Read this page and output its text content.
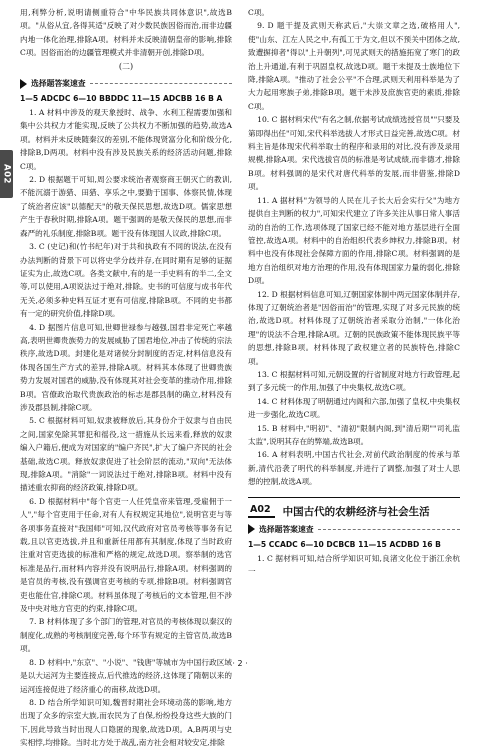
A02

用,利弊分析,说明请侧重符合"中华民族共同体意识",故选B项。"从俗从宜,各得其适"反映了对少数民族因俗而治,而非边疆内地一体化治理,排除A项。材料并未反映清朝皇帝的影响,排除C项。因俗而治的边疆管理模式并非清朝开创,排除D项。

(二)

选择题答案速查
1—5 ADCDC 6—10 BBDDC 11—15 ADCBB 16 B A

1. A 材料中涉及的观天象授时、战争、水利工程需要加强和集中公共权力才能实现,反映了公共权力不断加强的趋势,故选A项。材料并未反映随秦汉的差别,不能体现贤富分化和阶级分化,排除B,D两项。材料中没有涉及民族关系的经济活动问题,排除C项。

2. D 根据题干可知,周公要求统治者观察商王朝灭亡的教训,不能沉溺于游猎、田猎、享乐之中,要勤于国事、体察民情,体现了统治者应该"以德配天"的敬天保民思想,故选D项。儒家思想产生于春秋时期,排除A项。题干强调的是敬天保民的思想,而非森严的礼乐制度,排除B项。题干没有体现国人议政,排除C项。

3. C (史记)和(竹书纪年)对于共和执政有不同的说法,在没有办法判断的背景下可以将史学分歧并存,在同时期有足够的证据证实为止,故选C项。各类文献中,有的是一手史料有的半二,全文等,可以使用,A项说法过于绝对,排除。史书的可信度与成书年代无关,必须多种史料互证才更有可信度,排除B项。不同的史书都有一定的研究价值,排除D项。

4. D 据图片信息可知,世卿世禄参与越强,国君非定死亡率越高,表明世卿贵族势力的发展威胁了国君地位,冲击了传统的宗法秩序,故选D项。封建化是对诸侯分封制度的否定,材料信息没有体现各国生产方式的差异,排除A项。材料其本体现了世卿贵族势力发展对国君的威胁,没有体现其对社会变革的推动作用,排除B项。官僚政治取代贵族政治的标志是郡县制的确立,材料没有涉及郡县制,排除C项。

5. C 根据材料可知,奴隶被释放后,其身份介于奴隶与自由民之间,国家免除其罪犯和徭役,这一措施从长远来看,释放的奴隶编入户籍后,便成为对国家的"编户齐民",扩大了编户齐民的社会基础,故选C项。释放奴隶促进了社会阶层的流动,"双向"无法体现,排除A项。"消除"一词说法过于绝对,排除B项。材料中没有描述重农抑商的经济政策,排除D项。

6. D 根据材料中"每个官吏一人任凭皇帝来管理,受雇佣于一人","每个官吏用于任命,对有人有权规定其地位",说明官吏与等各项事务直接对"我国师"可知,汉代政府对官员考核等事务有记载,且以官吏选拔,并且和重新任用都有其制度,体现了当时政府注重对官吏选拔的标准和严格的规定,故选D项。察举制的选官标准是品行,而材料内容并没有说明品行,排除A项。材料强调的是官员的考核,没有强调官吏考核的专项,排除B项。材料强调官吏也能仕官,排除C项。材料虽体现了考核后的文本管理,但不涉及中央对地方官吏的约束,排除C项。

7. B 材料体现了多个部门的管理,对官员的考核体现以秦汉的制度化,成熟的考核制度完善,每个环节有规定的主管官员,故选B项。

8. D 材料中,"东京"、"小说"、"钱唐"等城市为中国行政区域是以大运河为主要连接点,后代推选的经济,这体现了隋朝以来的运河连接促进了经济重心的南移,故选D项。

8. D 结合所学知识可知,魏晋时期社会环境动荡的影响,地方出现了众多的宗室大族,而农民为了自保,纷纷投身这些大族的门下,因此导致当时出现人口隐匿的现象,故选D项。A,B两项与史实相悖,均排除。当时北方处于战乱,南方社会相对较安定,排除

C项。

9. D 题干提及武则天称武后,"大崇文章之选,破格用人",使"山东、江左人民之中,有孤工于为文,但以不预关中团体之故,致遭摒抑者"得以"上升朝列",可见武则天的措施拓宽了寒门的政治上升通道,有利于巩固皇权,故选D项。题干未提及士族地位下降,排除A项。"推动了社会公平"不合理,武则天利用科举是为了大力起用寒族子弟,排除B项。题干未涉及庶族官吏的素质,排除C项。

10. C 据材料宋代"有名之制,依据考试成绩选授官员""只要及第即得出任"可知,宋代科举选拔人才形式日益完善,故选C项。材料主旨是体现宋代科举取士的程序和录用的对比,没有涉及录用规模,排除A项。宋代选拔官员的标准是考试成绩,而非德才,排除B项。材料强调的是宋代对唐代科举的发展,而非借鉴,排除D项。

11. A 据材料"为领导的人民在儿子长大后会实行父"为地方提供自主判断的权力",可知宋代建立了许多关注从事日常人事活动的自治的工作,选项体现了国家已经不能对地方基层进行全面管控,故选A项。材料中的自治组织代表乡绅权力,排除B项。材料中也没有体现社会保障方面的作用,排除C项。材料强调的是地方自治组织对地方治理的作用,没有体现国家力量的弱化,排除D项。

12. D 根据材料信息可知,辽朝国家体制中两元国家体制并存,体现了辽朝统治者是"因俗而治"的管理,实现了对多元民族的统治,故选D项。材料体现了辽朝统治者采取分治制,"一体化治理"的说法不合理,排除A项。辽朝的民族政策不能体现民族平等的思想,排除B项。材料体现了政权建立者的民族特色,排除C项。

13. C 根据材料可知,元朝设置的行省制度对地方行政管理,起到了多元统一的作用,加强了中央集权,故选C项。

14. C 材料体现了明朝通过内阁和六部,加强了皇权,中央集权进一步强化,故选C项。

15. B 材料中,"明初"、"清初"限制内阁,到"清后期""司礼监太监",说明其存在的弊端,故选B项。

16. A 材料表明,中国古代社会,对前代政治制度的传承与革新,清代沿袭了明代的科举制度,并进行了调整,加强了对士人思想的控制,故选A项。

A02	中国古代的农耕经济与社会生活
选择题答案速查
1—5 CCADC 6—10 DCBCB 11—15 ACDBD 16 B

1. C 据材料可知,结合所学知识可知,良渚文化位于浙江余杭一

· 2 ·
